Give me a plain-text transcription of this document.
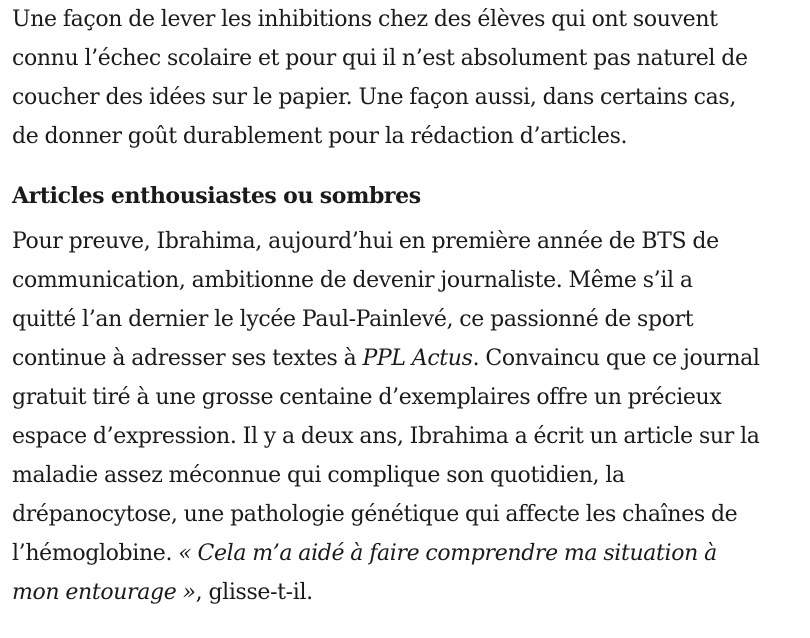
Une façon de lever les inhibitions chez des élèves qui ont souvent
connu l’échec scolaire et pour qui il n’est absolument pas naturel de
coucher des idées sur le papier. Une façon aussi, dans certains cas,
de donner goût durablement pour la rédaction d’articles.

Articles enthousiastes ou sombres

Pour preuve, Ibrahima, aujourd’hui en première année de BTS de
communication, ambitionne de devenir journaliste. Même s’il a
quitté l’an dernier le lycée Paul-Painlevé, ce passionné de sport
continue à adresser ses textes à PPL Actus. Convaincu que ce journal
gratuit tiré à une grosse centaine d’exemplaires offre un précieux
espace d’expression. Il y a deux ans, Ibrahima a écrit un article sur la
maladie assez méconnue qui complique son quotidien, la
drépanocytose, une pathologie génétique qui affecte les chaînes de
l’hémoglobine. « Cela m’a aidé à faire comprendre ma situation à
mon entourage », glisse-t-il.
